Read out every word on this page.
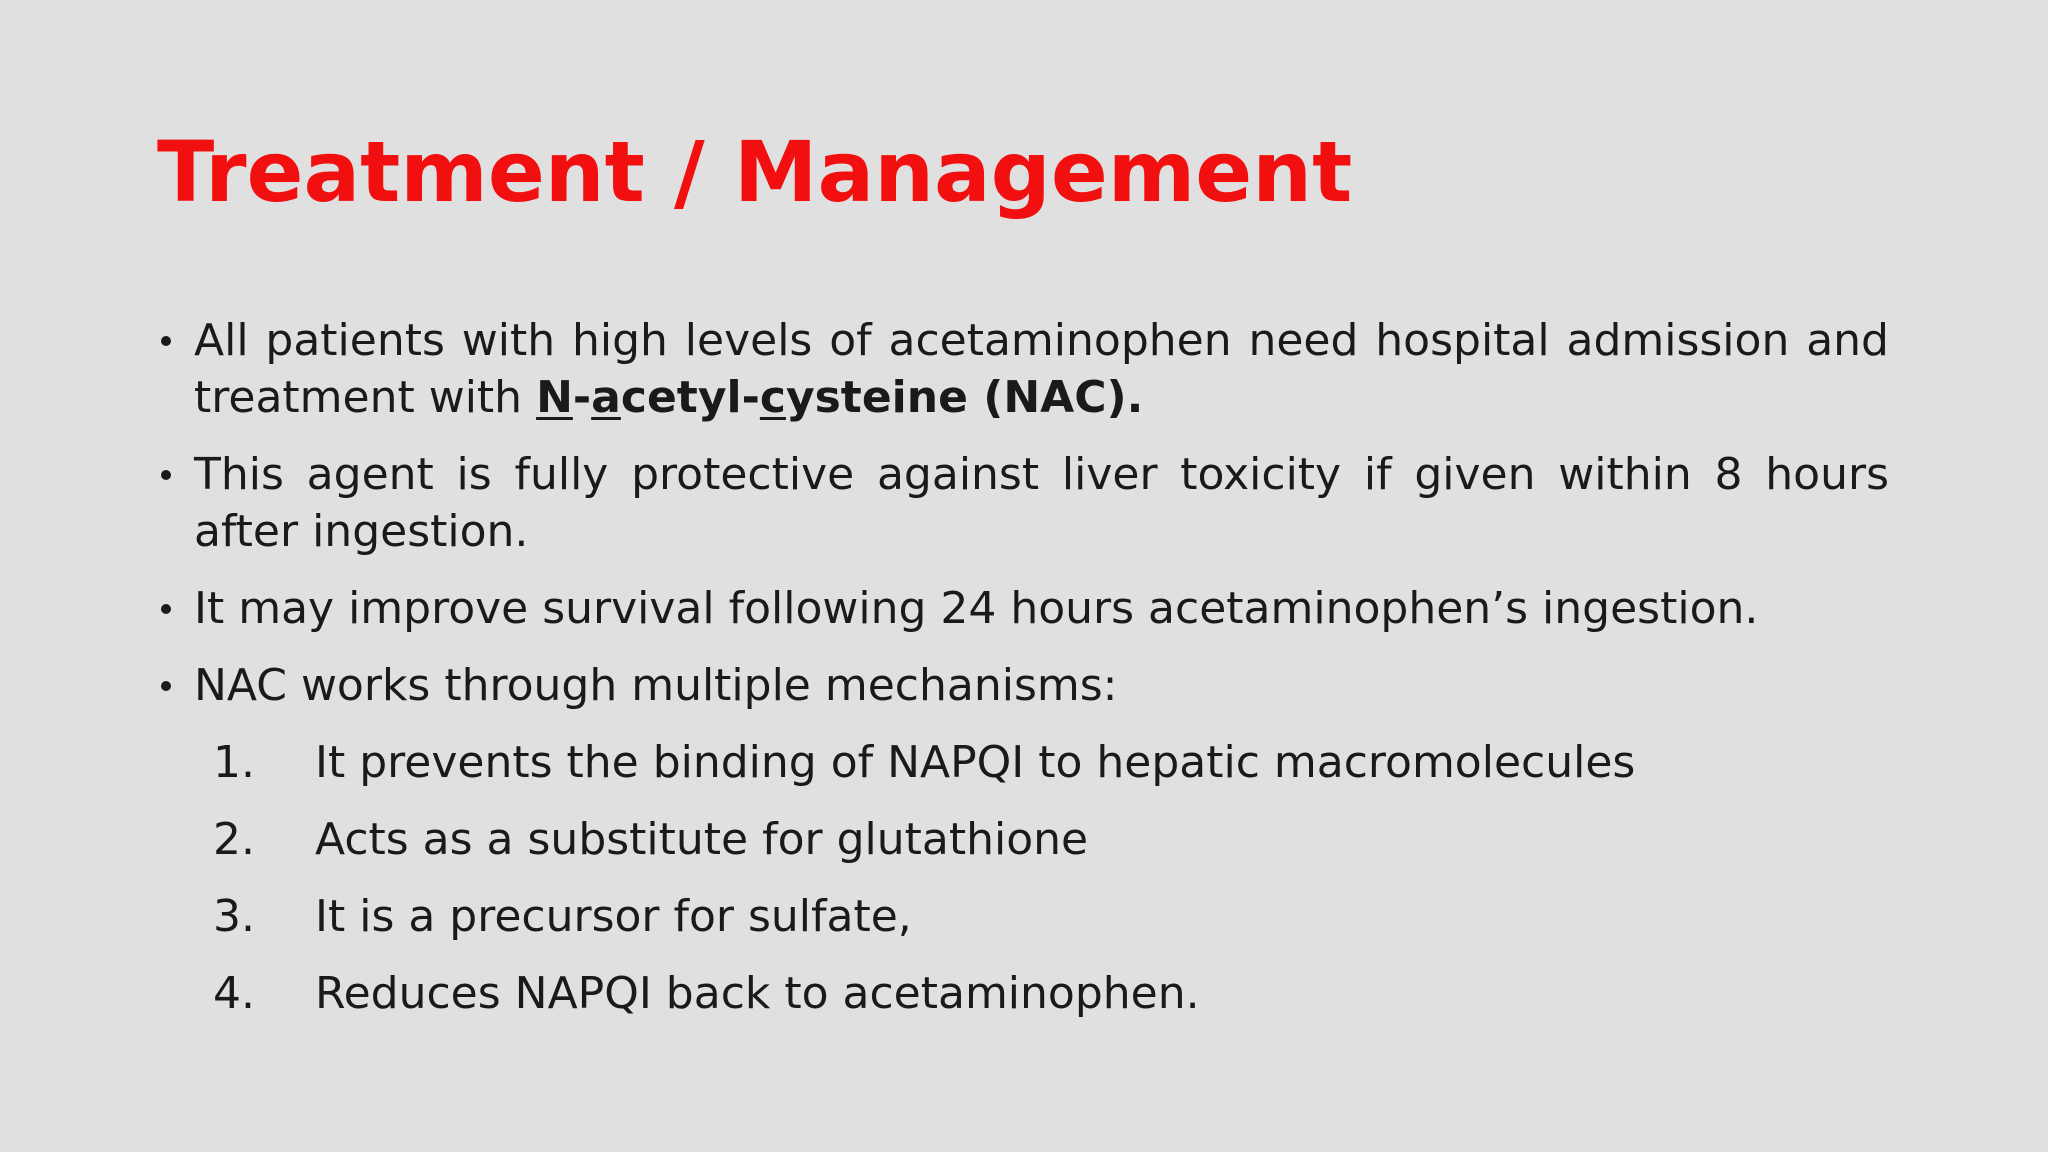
Treatment / Management
All patients with high levels of acetaminophen need hospital admission and treatment with N-acetyl-cysteine (NAC).
This agent is fully protective against liver toxicity if given within 8 hours after ingestion.
It may improve survival following 24 hours acetaminophen’s ingestion.
NAC works through multiple mechanisms:
1. It prevents the binding of NAPQI to hepatic macromolecules
2. Acts as a substitute for glutathione
3. It is a precursor for sulfate,
4. Reduces NAPQI back to acetaminophen.
